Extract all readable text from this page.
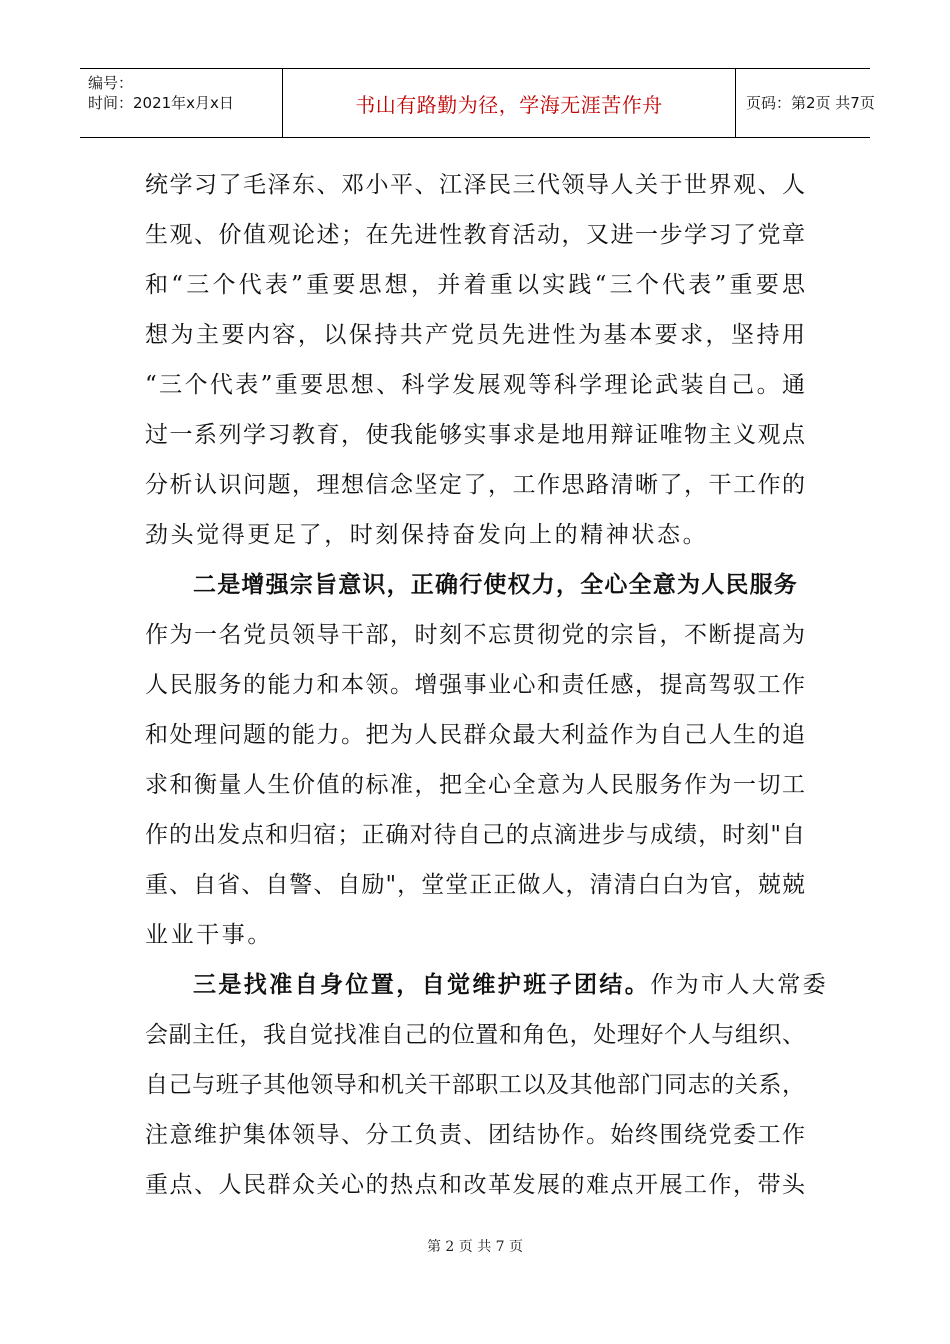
编号：
时间：2021年x月x日	书山有路勤为径，学海无涯苦作舟	页码：第2页 共7页
统学习了毛泽东、邓小平、江泽民三代领导人关于世界观、人
生观、价值观论述；在先进性教育活动，又进一步学习了党章
和“三个代表”重要思想，并着重以实践“三个代表”重要思
想为主要内容，以保持共产党员先进性为基本要求，坚持用
“三个代表”重要思想、科学发展观等科学理论武装自己。通
过一系列学习教育，使我能够实事求是地用辩证唯物主义观点
分析认识问题，理想信念坚定了，工作思路清晰了，干工作的
劲头觉得更足了，时刻保持奋发向上的精神状态。
二是增强宗旨意识，正确行使权力，全心全意为人民服务
作为一名党员领导干部，时刻不忘贯彻党的宗旨，不断提高为
人民服务的能力和本领。增强事业心和责任感，提高驾驭工作
和处理问题的能力。把为人民群众最大利益作为自己人生的追
求和衡量人生价值的标准，把全心全意为人民服务作为一切工
作的出发点和归宿；正确对待自己的点滴进步与成绩，时刻"自
重、自省、自警、自励"，堂堂正正做人，清清白白为官，兢兢
业业干事。
三是找准自身位置，自觉维护班子团结。作为市人大常委
会副主任，我自觉找准自己的位置和角色，处理好个人与组织、
自己与班子其他领导和机关干部职工以及其他部门同志的关系，
注意维护集体领导、分工负责、团结协作。始终围绕党委工作
重点、人民群众关心的热点和改革发展的难点开展工作，带头
第 2 页 共 7 页
